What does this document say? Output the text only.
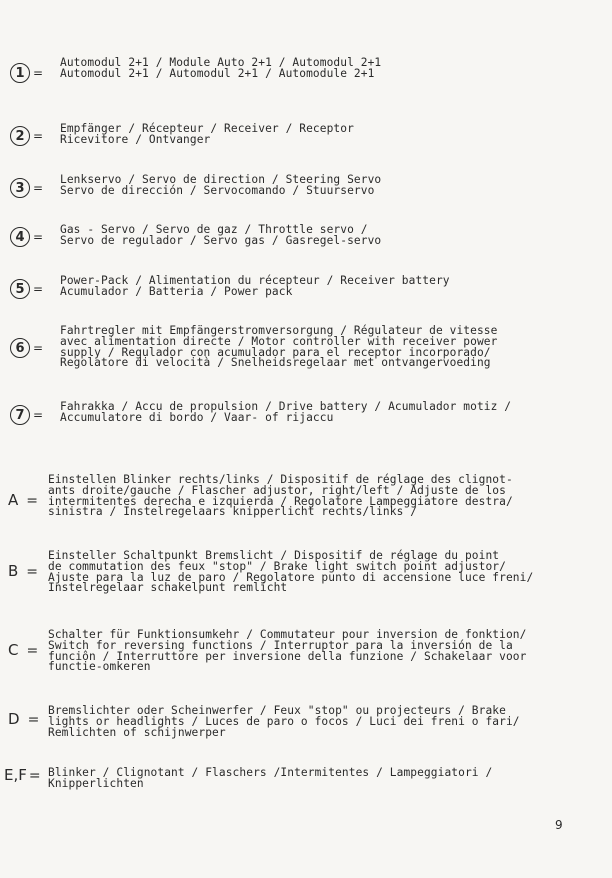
1 =
Automodul 2+1 / Module Auto 2+1 / Automodul 2+1
Automodul 2+1 / Automodul 2+1 / Automodule 2+1
2 =
Empfänger / Récepteur / Receiver / Receptor
Ricevitore / Ontvanger
3 =
Lenkservo / Servo de direction / Steering Servo
Servo de dirección / Servocomando / Stuurservo
4 =
Gas - Servo / Servo de gaz / Throttle servo /
Servo de regulador / Servo gas / Gasregel-servo
5 =
Power-Pack / Alimentation du récepteur / Receiver battery
Acumulador / Batteria / Power pack
6 =
Fahrtregler mit Empfängerstromversorgung / Régulateur de vitesse
avec alimentation directe / Motor controller with receiver power
supply / Regulador con acumulador para el receptor incorporado/
Regolatore di velocità / Snelheidsregelaar met ontvangervoeding
7 =
Fahrakka / Accu de propulsion / Drive battery / Acumulador motiz /
Accumulatore di bordo / Vaar- of rijaccu
A =
Einstellen Blinker rechts/links / Dispositif de réglage des clignot-
ants droite/gauche / Flascher adjustor, right/left / Adjuste de los
intermitentes derecha e izquierda / Regolatore Lampeggiatore destra/
sinistra / Instelregelaars knipperlicht rechts/links /
B =
Einsteller Schaltpunkt Bremslicht / Dispositif de réglage du point
de commutation des feux "stop" / Brake light switch point adjustor/
Ajuste para la luz de paro / Regolatore punto di accensione luce freni/
Instelregelaar schakelpunt remlicht
C =
Schalter für Funktionsumkehr / Commutateur pour inversion de fonktion/
Switch for reversing functions / Interruptor para la inversión de la
funciôn / Interruttore per inversione della funzione / Schakelaar voor
functie-omkeren
D =
Bremslichter oder Scheinwerfer / Feux "stop" ou projecteurs / Brake
lights or headlights / Luces de paro o focos / Luci dei freni o fari/
Remlichten of schijnwerper
E,F = Blinker / Clignotant / Flaschers /Intermitentes / Lampeggiatori /
Knipperlichten
9
